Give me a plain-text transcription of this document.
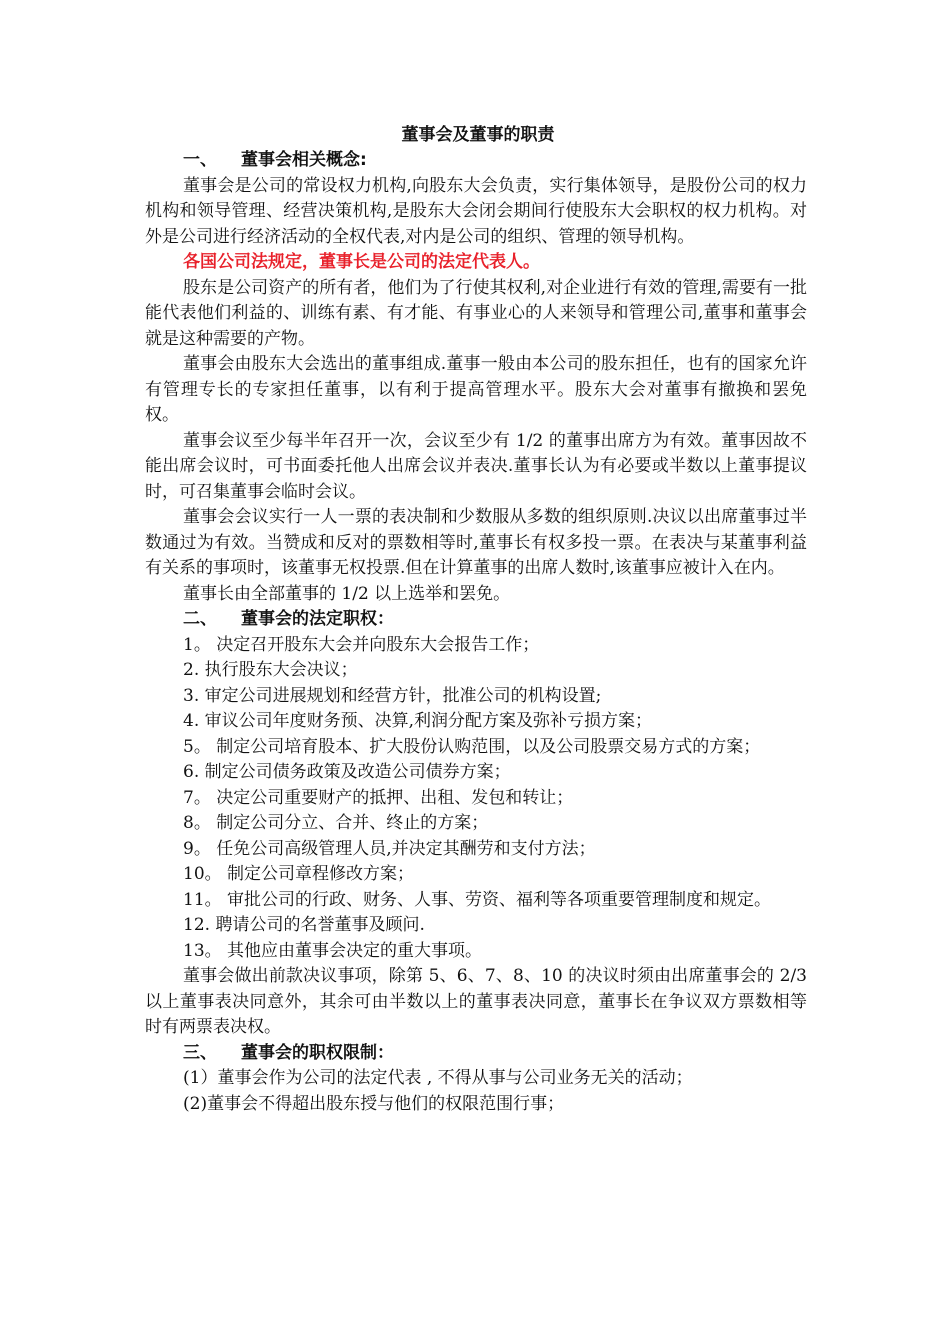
董事会及董事的职责
一、 董事会相关概念:

董事会是公司的常设权力机构,向股东大会负责，实行集体领导，是股份公司的权力机构和领导管理、经营决策机构,是股东大会闭会期间行使股东大会职权的权力机构。对外是公司进行经济活动的全权代表,对内是公司的组织、管理的领导机构。

各国公司法规定，董事长是公司的法定代表人。

股东是公司资产的所有者，他们为了行使其权利,对企业进行有效的管理,需要有一批能代表他们利益的、训练有素、有才能、有事业心的人来领导和管理公司,董事和董事会就是这种需要的产物。

董事会由股东大会选出的董事组成.董事一般由本公司的股东担任，也有的国家允许有管理专长的专家担任董事，以有利于提高管理水平。股东大会对董事有撤换和罢免权。

董事会议至少每半年召开一次，会议至少有 1/2 的董事出席方为有效。董事因故不能出席会议时，可书面委托他人出席会议并表决.董事长认为有必要或半数以上董事提议时，可召集董事会临时会议。

董事会会议实行一人一票的表决制和少数服从多数的组织原则.决议以出席董事过半数通过为有效。当赞成和反对的票数相等时,董事长有权多投一票。在表决与某董事利益有关系的事项时，该董事无权投票.但在计算董事的出席人数时,该董事应被计入在内。

董事长由全部董事的 1/2 以上选举和罢免。

二、 董事会的法定职权：

1。 决定召开股东大会并向股东大会报告工作；

2. 执行股东大会决议；

3. 审定公司进展规划和经营方针，批准公司的机构设置;

4. 审议公司年度财务预、决算,利润分配方案及弥补亏损方案；

5。 制定公司培育股本、扩大股份认购范围，以及公司股票交易方式的方案；

6. 制定公司债务政策及改造公司债券方案；

7。 决定公司重要财产的抵押、出租、发包和转让；

8。 制定公司分立、合并、终止的方案；

9。 任免公司高级管理人员,并决定其酬劳和支付方法；

10。 制定公司章程修改方案；

11。 审批公司的行政、财务、人事、劳资、福利等各项重要管理制度和规定。

12. 聘请公司的名誉董事及顾问.

13。 其他应由董事会决定的重大事项。

董事会做出前款决议事项，除第 5、6、7、8、10 的决议时须由出席董事会的 2/3 以上董事表决同意外，其余可由半数以上的董事表决同意，董事长在争议双方票数相等时有两票表决权。

三、 董事会的职权限制：

(1）董事会作为公司的法定代表 , 不得从事与公司业务无关的活动；

(2)董事会不得超出股东授与他们的权限范围行事；
